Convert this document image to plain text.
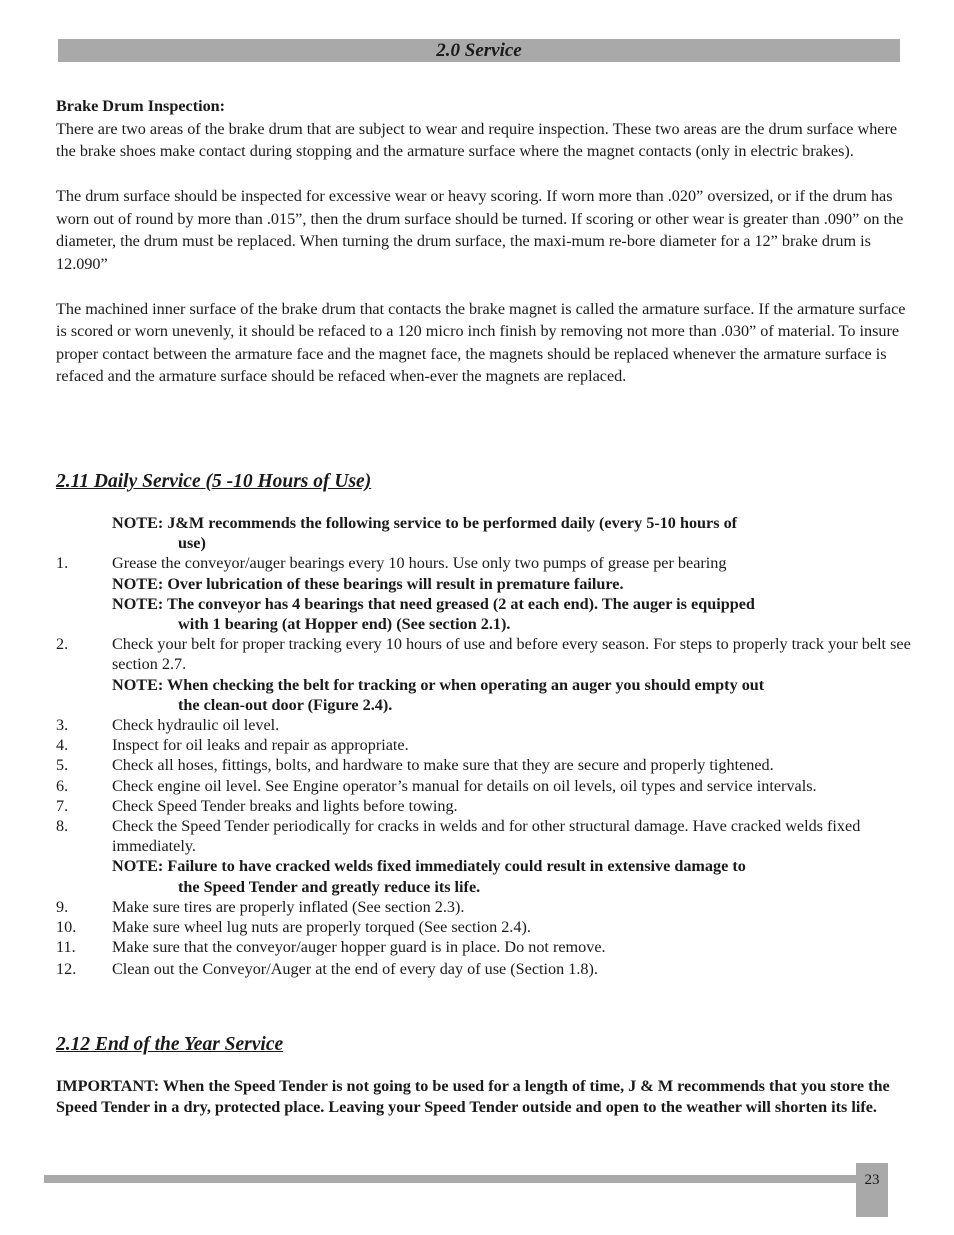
2.0 Service
Brake Drum Inspection:
There are two areas of the brake drum that are subject to wear and require inspection. These two areas are the drum surface where the brake shoes make contact during stopping and the armature surface where the magnet contacts (only in electric brakes).
The drum surface should be inspected for excessive wear or heavy scoring. If worn more than .020” oversized, or if the drum has worn out of round by more than .015”, then the drum surface should be turned. If scoring or other wear is greater than .090” on the diameter, the drum must be replaced. When turning the drum surface, the maxi-mum re-bore diameter for a 12” brake drum is 12.090”
The machined inner surface of the brake drum that contacts the brake magnet is called the armature surface. If the armature surface is scored or worn unevenly, it should be refaced to a 120 micro inch finish by removing not more than .030” of material. To insure proper contact between the armature face and the magnet face, the magnets should be replaced whenever the armature surface is refaced and the armature surface should be refaced when-ever the magnets are replaced.
2.11 Daily Service (5 -10 Hours of Use)
NOTE: J&M recommends the following service to be performed daily (every 5-10 hours of
use)
1.	Grease the conveyor/auger bearings every 10 hours. Use only two pumps of grease per bearing
NOTE: Over lubrication of these bearings will result in premature failure.
NOTE: The conveyor has 4 bearings that need greased (2 at each end). The auger is equipped
with 1 bearing (at Hopper end) (See section 2.1).
2.	Check your belt for proper tracking every 10 hours of use and before every season. For steps to properly track your belt see section 2.7.
NOTE: When checking the belt for tracking or when operating an auger you should empty out
the clean-out door (Figure 2.4).
3.	Check hydraulic oil level.
4.	Inspect for oil leaks and repair as appropriate.
5.	Check all hoses, fittings, bolts, and hardware to make sure that they are secure and properly tightened.
6.	Check engine oil level. See Engine operator’s manual for details on oil levels, oil types and service intervals.
7.	Check Speed Tender breaks and lights before towing.
8.	Check the Speed Tender periodically for cracks in welds and for other structural damage. Have cracked welds fixed immediately.
NOTE: Failure to have cracked welds fixed immediately could result in extensive damage to
the Speed Tender and greatly reduce its life.
9.	Make sure tires are properly inflated (See section 2.3).
10.	Make sure wheel lug nuts are properly torqued (See section 2.4).
11.	Make sure that the conveyor/auger hopper guard is in place. Do not remove.
12.	Clean out the Conveyor/Auger at the end of every day of use (Section 1.8).
2.12 End of the Year Service
IMPORTANT: When the Speed Tender is not going to be used for a length of time, J & M recommends that you store the Speed Tender in a dry, protected place. Leaving your Speed Tender outside and open to the weather will shorten its life.
23
